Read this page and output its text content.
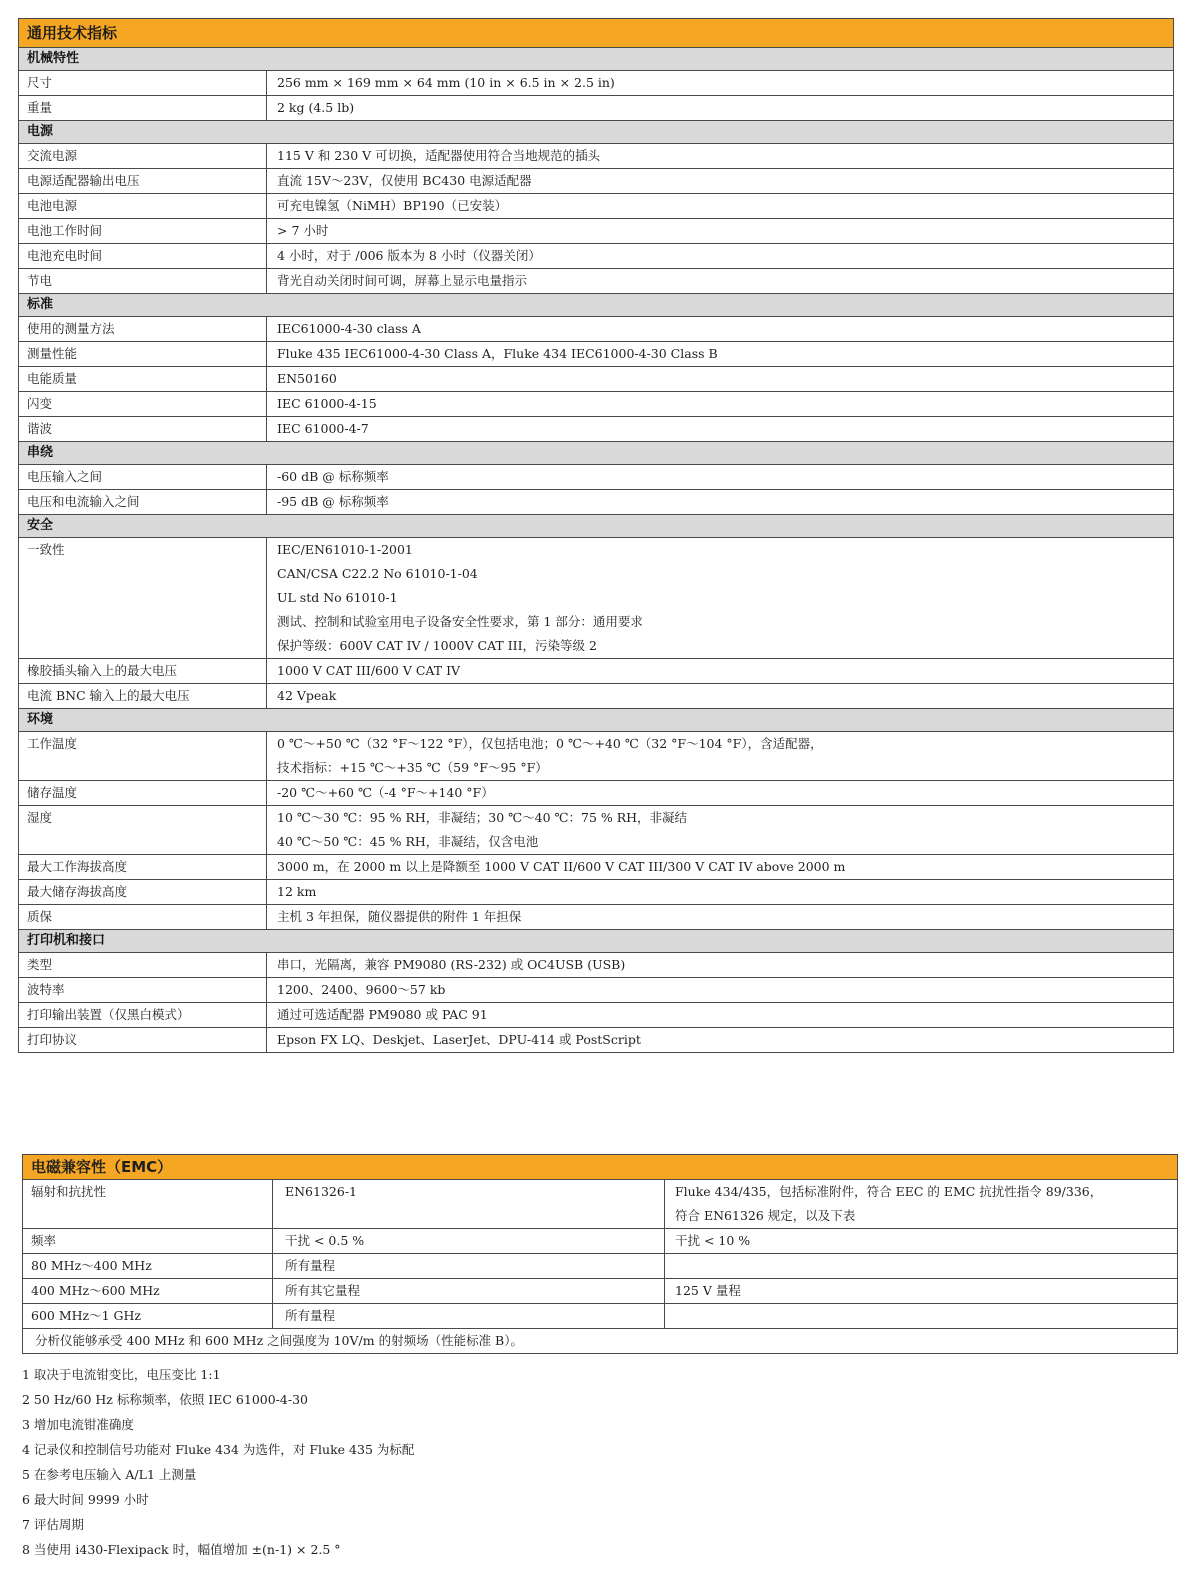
通用技术指标
机械特性
尺寸	256 mm × 169 mm × 64 mm (10 in × 6.5 in × 2.5 in)
重量	2 kg (4.5 lb)
电源
交流电源	115 V 和 230 V 可切换，适配器使用符合当地规范的插头
电源适配器输出电压	直流 15V～23V，仅使用 BC430 电源适配器
电池电源	可充电镍氢（NiMH）BP190（已安装）
电池工作时间	> 7 小时
电池充电时间	4 小时，对于 /006 版本为 8 小时（仪器关闭）
节电	背光自动关闭时间可调，屏幕上显示电量指示
标准
使用的测量方法	IEC61000-4-30 class A
测量性能	Fluke 435 IEC61000-4-30 Class A，Fluke 434 IEC61000-4-30 Class B
电能质量	EN50160
闪变	IEC 61000-4-15
谐波	IEC 61000-4-7
串绕
电压输入之间	-60 dB @ 标称频率
电压和电流输入之间	-95 dB @ 标称频率
安全
一致性	IEC/EN61010-1-2001
CAN/CSA C22.2 No 61010-1-04
UL std No 61010-1
测试、控制和试验室用电子设备安全性要求，第 1 部分：通用要求
保护等级：600V CAT IV / 1000V CAT III，污染等级 2
橡胶插头输入上的最大电压	1000 V CAT III/600 V CAT IV
电流 BNC 输入上的最大电压	42 Vpeak
环境
工作温度	0 ℃～+50 ℃（32 °F～122 °F），仅包括电池；0 ℃～+40 ℃（32 °F～104 °F），含适配器，
技术指标：+15 ℃～+35 ℃（59 °F～95 °F）
储存温度	-20 ℃～+60 ℃（-4 °F～+140 °F）
湿度	10 ℃～30 ℃：95 % RH，非凝结；30 ℃～40 ℃：75 % RH，非凝结
40 ℃～50 ℃：45 % RH，非凝结，仅含电池
最大工作海拔高度	3000 m，在 2000 m 以上是降额至 1000 V CAT II/600 V CAT III/300 V CAT IV above 2000 m
最大储存海拔高度	12 km
质保	主机 3 年担保，随仪器提供的附件 1 年担保
打印机和接口
类型	串口，光隔离，兼容 PM9080 (RS-232) 或 OC4USB (USB)
波特率	1200、2400、9600～57 kb
打印输出装置（仅黑白模式）	通过可选适配器 PM9080 或 PAC 91
打印协议	Epson FX LQ、Deskjet、LaserJet、DPU-414 或 PostScript
电磁兼容性（EMC）
辐射和抗扰性	EN61326-1	Fluke 434/435，包括标准附件，符合 EEC 的 EMC 抗扰性指令 89/336，
符合 EN61326 规定，以及下表
频率	干扰 < 0.5 %	干扰 < 10 %
80 MHz～400 MHz	所有量程
400 MHz～600 MHz	所有其它量程	125 V 量程
600 MHz～1 GHz	所有量程
分析仪能够承受 400 MHz 和 600 MHz 之间强度为 10V/m 的射频场（性能标准 B）。
1 取决于电流钳变比，电压变比 1:1
2 50 Hz/60 Hz 标称频率，依照 IEC 61000-4-30
3 增加电流钳准确度
4 记录仪和控制信号功能对 Fluke 434 为选件，对 Fluke 435 为标配
5 在参考电压输入 A/L1 上测量
6 最大时间 9999 小时
7 评估周期
8 当使用 i430-Flexipack 时，幅值增加 ±(n-1) × 2.5 °
